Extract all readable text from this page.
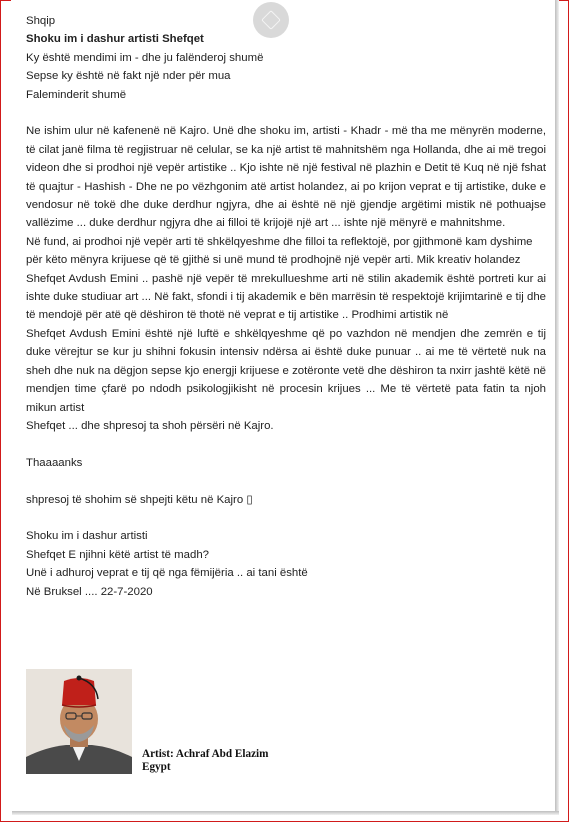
Shqip

Shoku im i dashur artisti Shefqet

Ky është mendimi im - dhe ju falënderoj shumë

Sepse ky është në fakt një nder për mua

Faleminderit shumë

Ne ishim ulur në kafenenë në Kajro. Unë dhe shoku im, artisti - Khadr - më tha me mënyrën moderne, të cilat janë filma të regjistruar në celular, se ka një artist të mahnitshëm nga Hollanda, dhe ai më tregoi videon dhe si prodhoi një vepër artistike .. Kjo ishte në një festival në plazhin e Detit të Kuq në një fshat të quajtur - Hashish - Dhe ne po vëzhgonim atë artist holandez, ai po krijon veprat e tij artistike, duke e vendosur në tokë dhe duke derdhur ngjyra, dhe ai është në një gjendje argëtimi mistik në pothuajse vallëzime ... duke derdhur ngjyra dhe ai filloi të krijojë një art ... ishte një mënyrë e mahnitshme.

Në fund, ai prodhoi një vepër arti të shkëlqyeshme dhe filloi ta reflektojë, por gjithmonë kam dyshime për këto mënyra krijuese që të gjithë si unë mund të prodhojnë një vepër arti. Mik kreativ holandez

Shefqet Avdush Emini .. pashë një vepër të mrekullueshme arti në stilin akademik është portreti kur ai ishte duke studiuar art ... Në fakt, sfondi i tij akademik e bën marrësin të respektojë krijimtarinë e tij dhe të mendojë për atë që dëshiron të thotë në veprat e tij artistike .. Prodhimi artistik në

Shefqet Avdush Emini është një luftë e shkëlqyeshme që po vazhdon në mendjen dhe zemrën e tij duke vërejtur se kur ju shihni fokusin intensiv ndërsa ai është duke punuar .. ai me të vërtetë nuk na sheh dhe nuk na dëgjon sepse kjo energji krijuese e zotëronte vetë dhe dëshiron ta nxirr jashtë këtë në mendjen time çfarë po ndodh psikologjikisht në procesin krijues ... Me të vërtetë pata fatin ta njoh mikun artist

Shefqet ... dhe shpresoj ta shoh përsëri në Kajro.

Thaaaanks

shpresoj të shohim së shpejti këtu në Kajro ▯

Shoku im i dashur artisti

Shefqet E njihni këtë artist të madh?

Unë i adhuroj veprat e tij që nga fëmijëria .. ai tani është

Në Bruksel .... 22-7-2020

Artist: Achraf Abd Elazim
Egypt
